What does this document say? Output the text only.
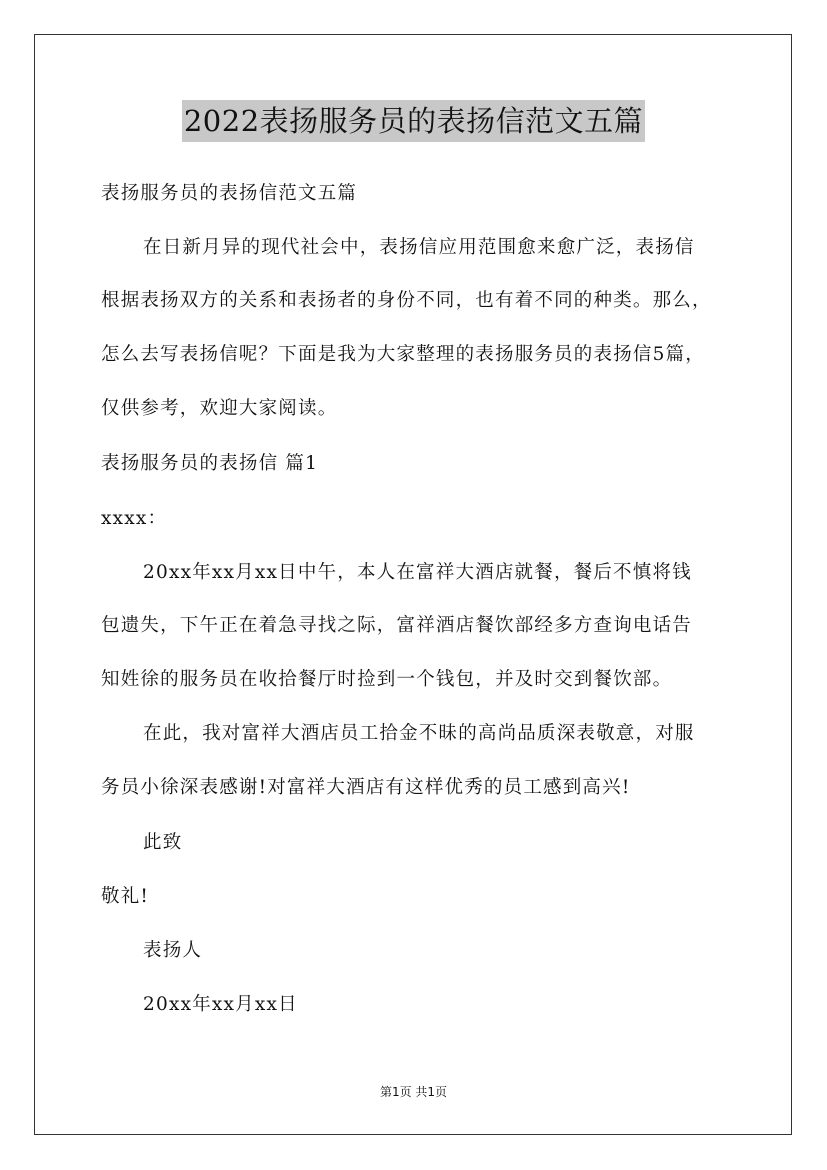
2022表扬服务员的表扬信范文五篇
表扬服务员的表扬信范文五篇
在日新月异的现代社会中，表扬信应用范围愈来愈广泛，表扬信
根据表扬双方的关系和表扬者的身份不同，也有着不同的种类。那么，
怎么去写表扬信呢？下面是我为大家整理的表扬服务员的表扬信5篇，
仅供参考，欢迎大家阅读。
表扬服务员的表扬信 篇1
xxxx：
20xx年xx月xx日中午，本人在富祥大酒店就餐，餐后不慎将钱
包遗失，下午正在着急寻找之际，富祥酒店餐饮部经多方查询电话告
知姓徐的服务员在收拾餐厅时捡到一个钱包，并及时交到餐饮部。
在此，我对富祥大酒店员工拾金不昧的高尚品质深表敬意，对服
务员小徐深表感谢!对富祥大酒店有这样优秀的员工感到高兴!
此致
敬礼!
表扬人
20xx年xx月xx日
第1页 共1页
